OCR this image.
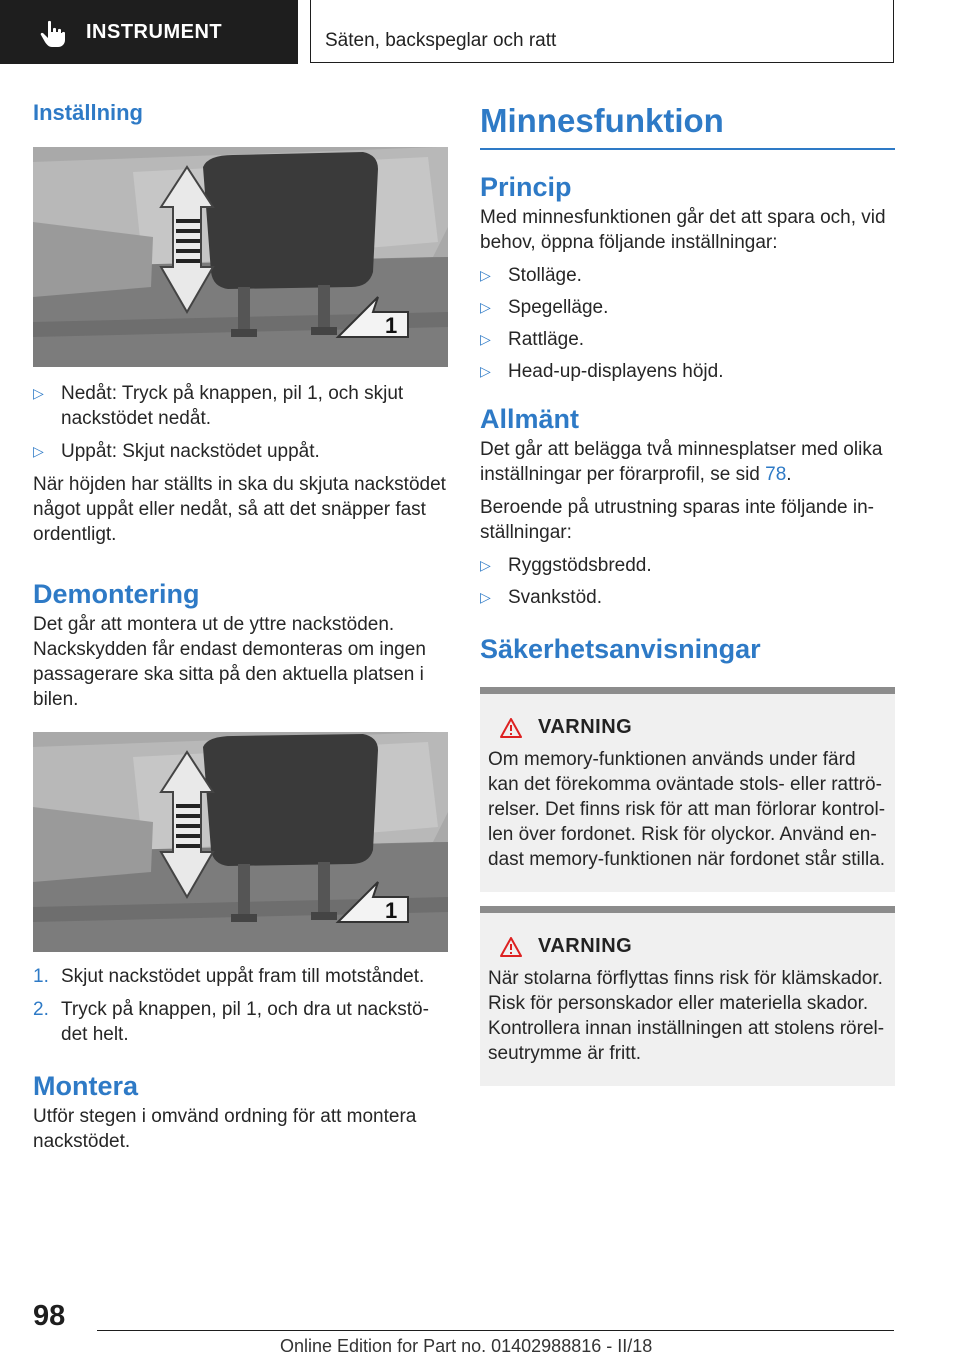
INSTRUMENT	Säten, backspeglar och ratt
Inställning
1
▷ Nedåt: Tryck på knappen, pil 1, och skjut nackstödet nedåt.
▷ Uppåt: Skjut nackstödet uppåt.

När höjden har ställts in ska du skjuta nackstödet något uppåt eller nedåt, så att det snäpper fast ordentligt.

Demontering

Det går att montera ut de yttre nackstöden. Nackskydden får endast demonteras om ingen passagerare ska sitta på den aktuella platsen i bilen.

1
1. Skjut nackstödet uppåt fram till motståndet.
2. Tryck på knappen, pil 1, och dra ut nackstödet helt.
Montera

Utför stegen i omvänd ordning för att montera nackstödet.

Minnesfunktion
Princip

Med minnesfunktionen går det att spara och, vid behov, öppna följande inställningar:

▷ Stolläge.
▷ Spegelläge.
▷ Rattläge.
▷ Head-up-displayens höjd.
Allmänt

Det går att belägga två minnesplatser med olika inställningar per förarprofil, se sid 78.

Beroende på utrustning sparas inte följande inställningar:

▷ Ryggstödsbredd.
▷ Svankstöd.
Säkerhetsanvisningar
VARNING

Om memory-funktionen används under färd kan det förekomma oväntade stols- eller rattrörelser. Det finns risk för att man förlorar kontrollen över fordonet. Risk för olyckor. Använd endast memory-funktionen när fordonet står stilla.

VARNING

När stolarna förflyttas finns risk för klämskador. Risk för personskador eller materiella skador. Kontrollera innan inställningen att stolens rörelseutrymme är fritt.

98
Online Edition for Part no. 01402988816 - II/18
